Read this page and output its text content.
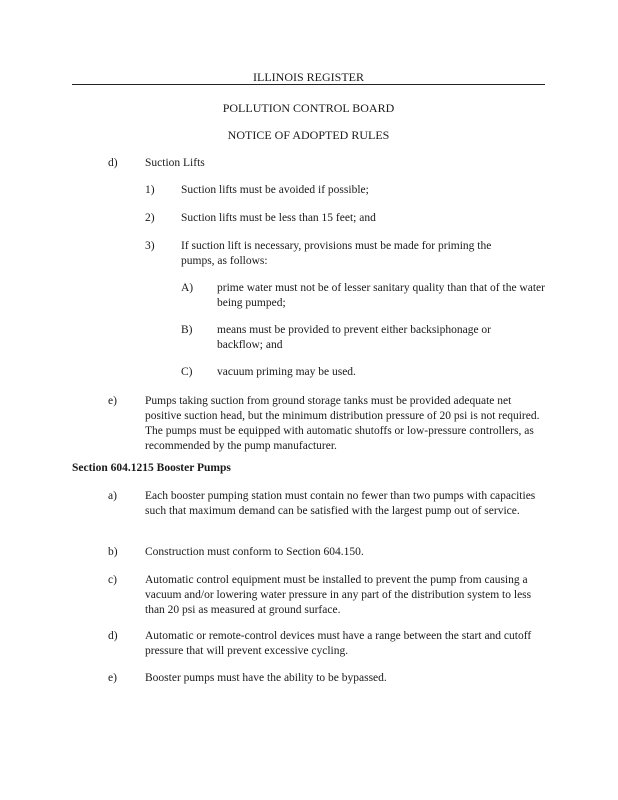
ILLINOIS REGISTER
POLLUTION CONTROL BOARD
NOTICE OF ADOPTED RULES
d) Suction Lifts
1) Suction lifts must be avoided if possible;
2) Suction lifts must be less than 15 feet; and
3) If suction lift is necessary, provisions must be made for priming the pumps, as follows:
A) prime water must not be of lesser sanitary quality than that of the water being pumped;
B) means must be provided to prevent either backsiphonage or backflow; and
C) vacuum priming may be used.
e) Pumps taking suction from ground storage tanks must be provided adequate net positive suction head, but the minimum distribution pressure of 20 psi is not required. The pumps must be equipped with automatic shutoffs or low-pressure controllers, as recommended by the pump manufacturer.
Section 604.1215 Booster Pumps
a) Each booster pumping station must contain no fewer than two pumps with capacities such that maximum demand can be satisfied with the largest pump out of service.
b) Construction must conform to Section 604.150.
c) Automatic control equipment must be installed to prevent the pump from causing a vacuum and/or lowering water pressure in any part of the distribution system to less than 20 psi as measured at ground surface.
d) Automatic or remote-control devices must have a range between the start and cutoff pressure that will prevent excessive cycling.
e) Booster pumps must have the ability to be bypassed.
